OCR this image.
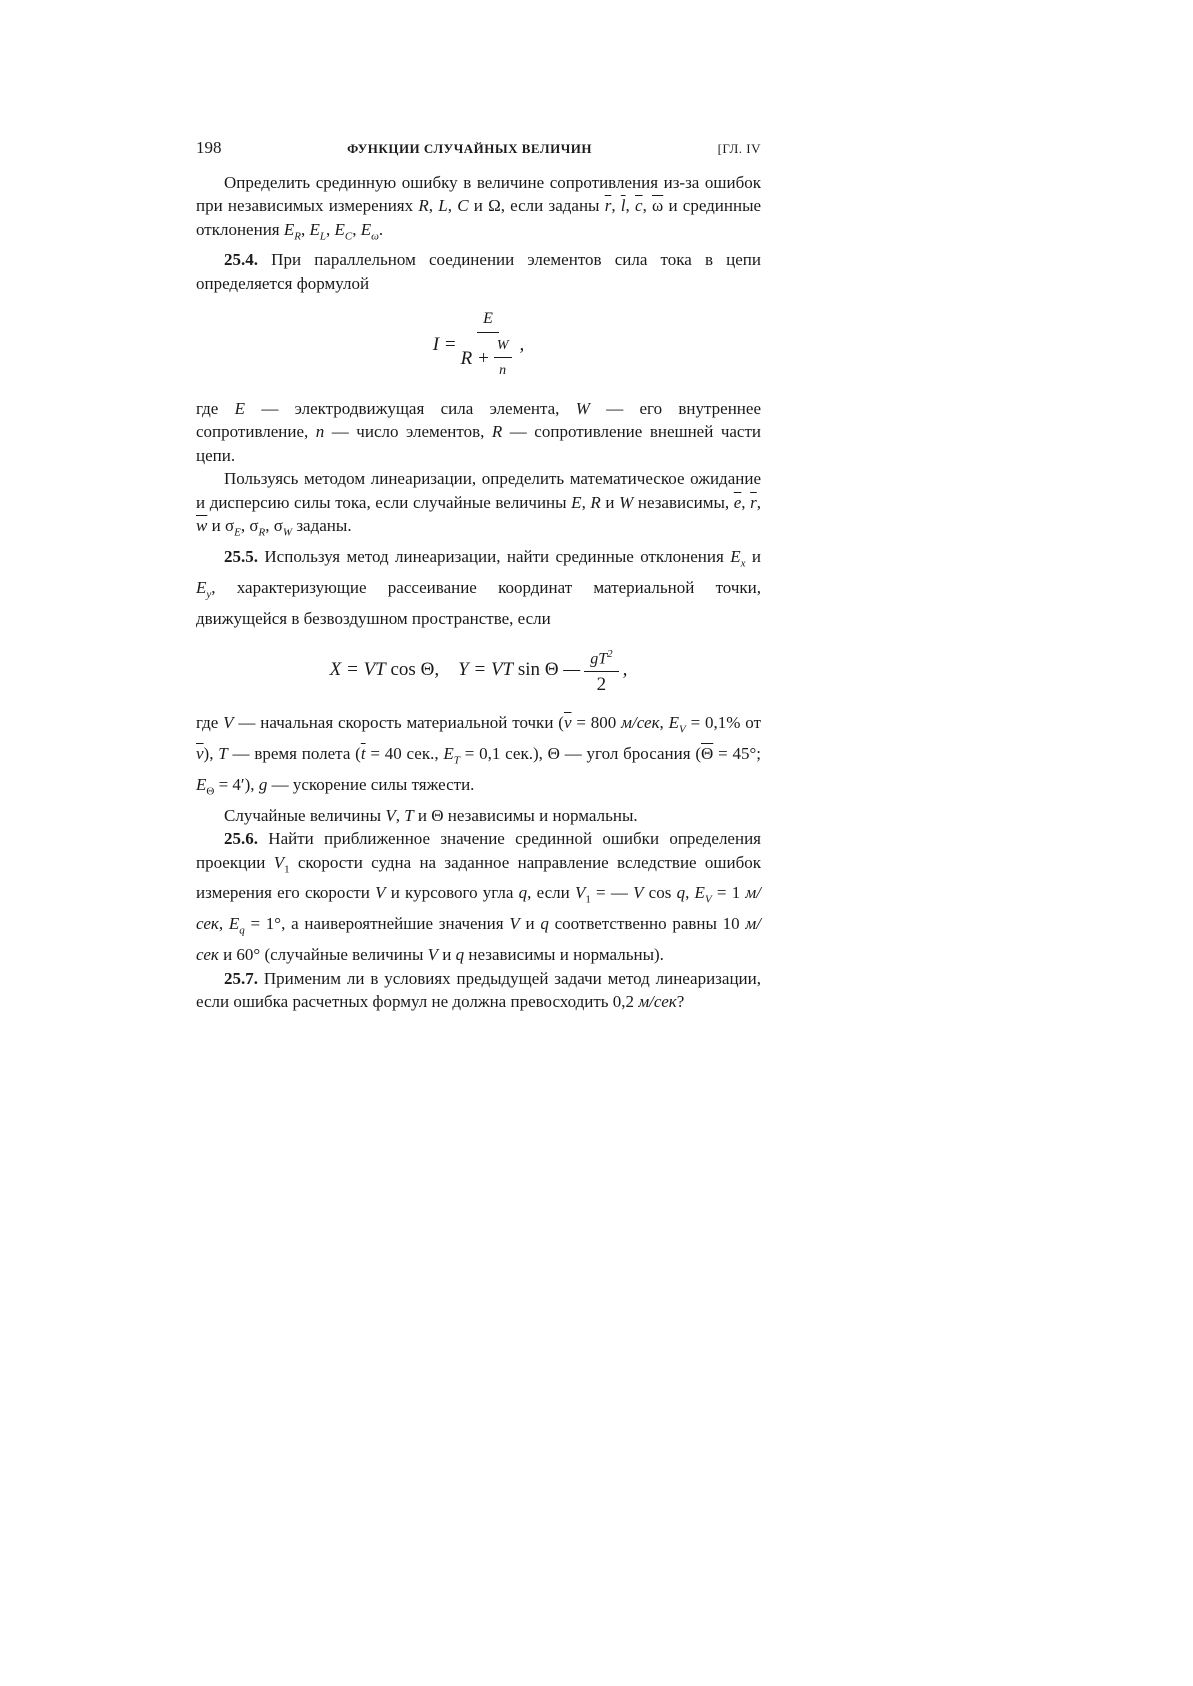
198	ФУНКЦИИ СЛУЧАЙНЫХ ВЕЛИЧИН	[ГЛ. IV

Определить срединную ошибку в величине сопротивления из-за ошибок при независимых измерениях R, L, C и Ω, если заданы $\overline{r}$, $\overline{l}$, $\overline{c}$, $\overline{\omega}$ и срединные отклонения $E_R$, $E_L$, $E_C$, $E_\omega$.

25.4. При параллельном соединении элементов сила тока в цепи определяется формулой

$I = \frac{E}{R + \frac{W}{n}}$ ,

где E — электродвижущая сила элемента, W — его внутреннее сопротивление, n — число элементов, R — сопротивление внешней части цепи.

Пользуясь методом линеаризации, определить математическое ожидание и дисперсию силы тока, если случайные величины E, R и W независимы, $\overline{e}$, $\overline{r}$, $\overline{w}$ и $\sigma_E$, $\sigma_R$, $\sigma_W$ заданы.

25.5. Используя метод линеаризации, найти срединные отклонения $E_x$ и $E_y$, характеризующие рассеивание координат материальной точки, движущейся в безвоздушном пространстве, если

X = VT
cos
Θ , Y = VT
sin
Θ — $\frac{gT^2}{2}$ ,

где V — начальная скорость материальной точки ($\overline{v} = 800$ м/сек, $E_V = 0,1\%$ от $\overline{v}$), T — время полета ($\overline{t} = 40$ сек., $E_T = 0,1$ сек.), Θ — угол бросания ($\overline{\Theta} = 45^\circ$; $E_\Theta = 4'$), g — ускорение силы тяжести.

Случайные величины V, T и Θ независимы и нормальны.

25.6. Найти приближенное значение срединной ошибки определения проекции $V_1$ скорости судна на заданное направление вследствие ошибок измерения его скорости V и курсового угла q, если $V_1$ = — V cos q, $E_V = 1$ м/сек, $E_q = 1^\circ$, а наивероятнейшие значения V и q соответственно равны 10 м/сек и 60° (случайные величины V и q независимы и нормальны).

25.7. Применим ли в условиях предыдущей задачи метод линеаризации, если ошибка расчетных формул не должна превосходить 0,2 м/сек?
